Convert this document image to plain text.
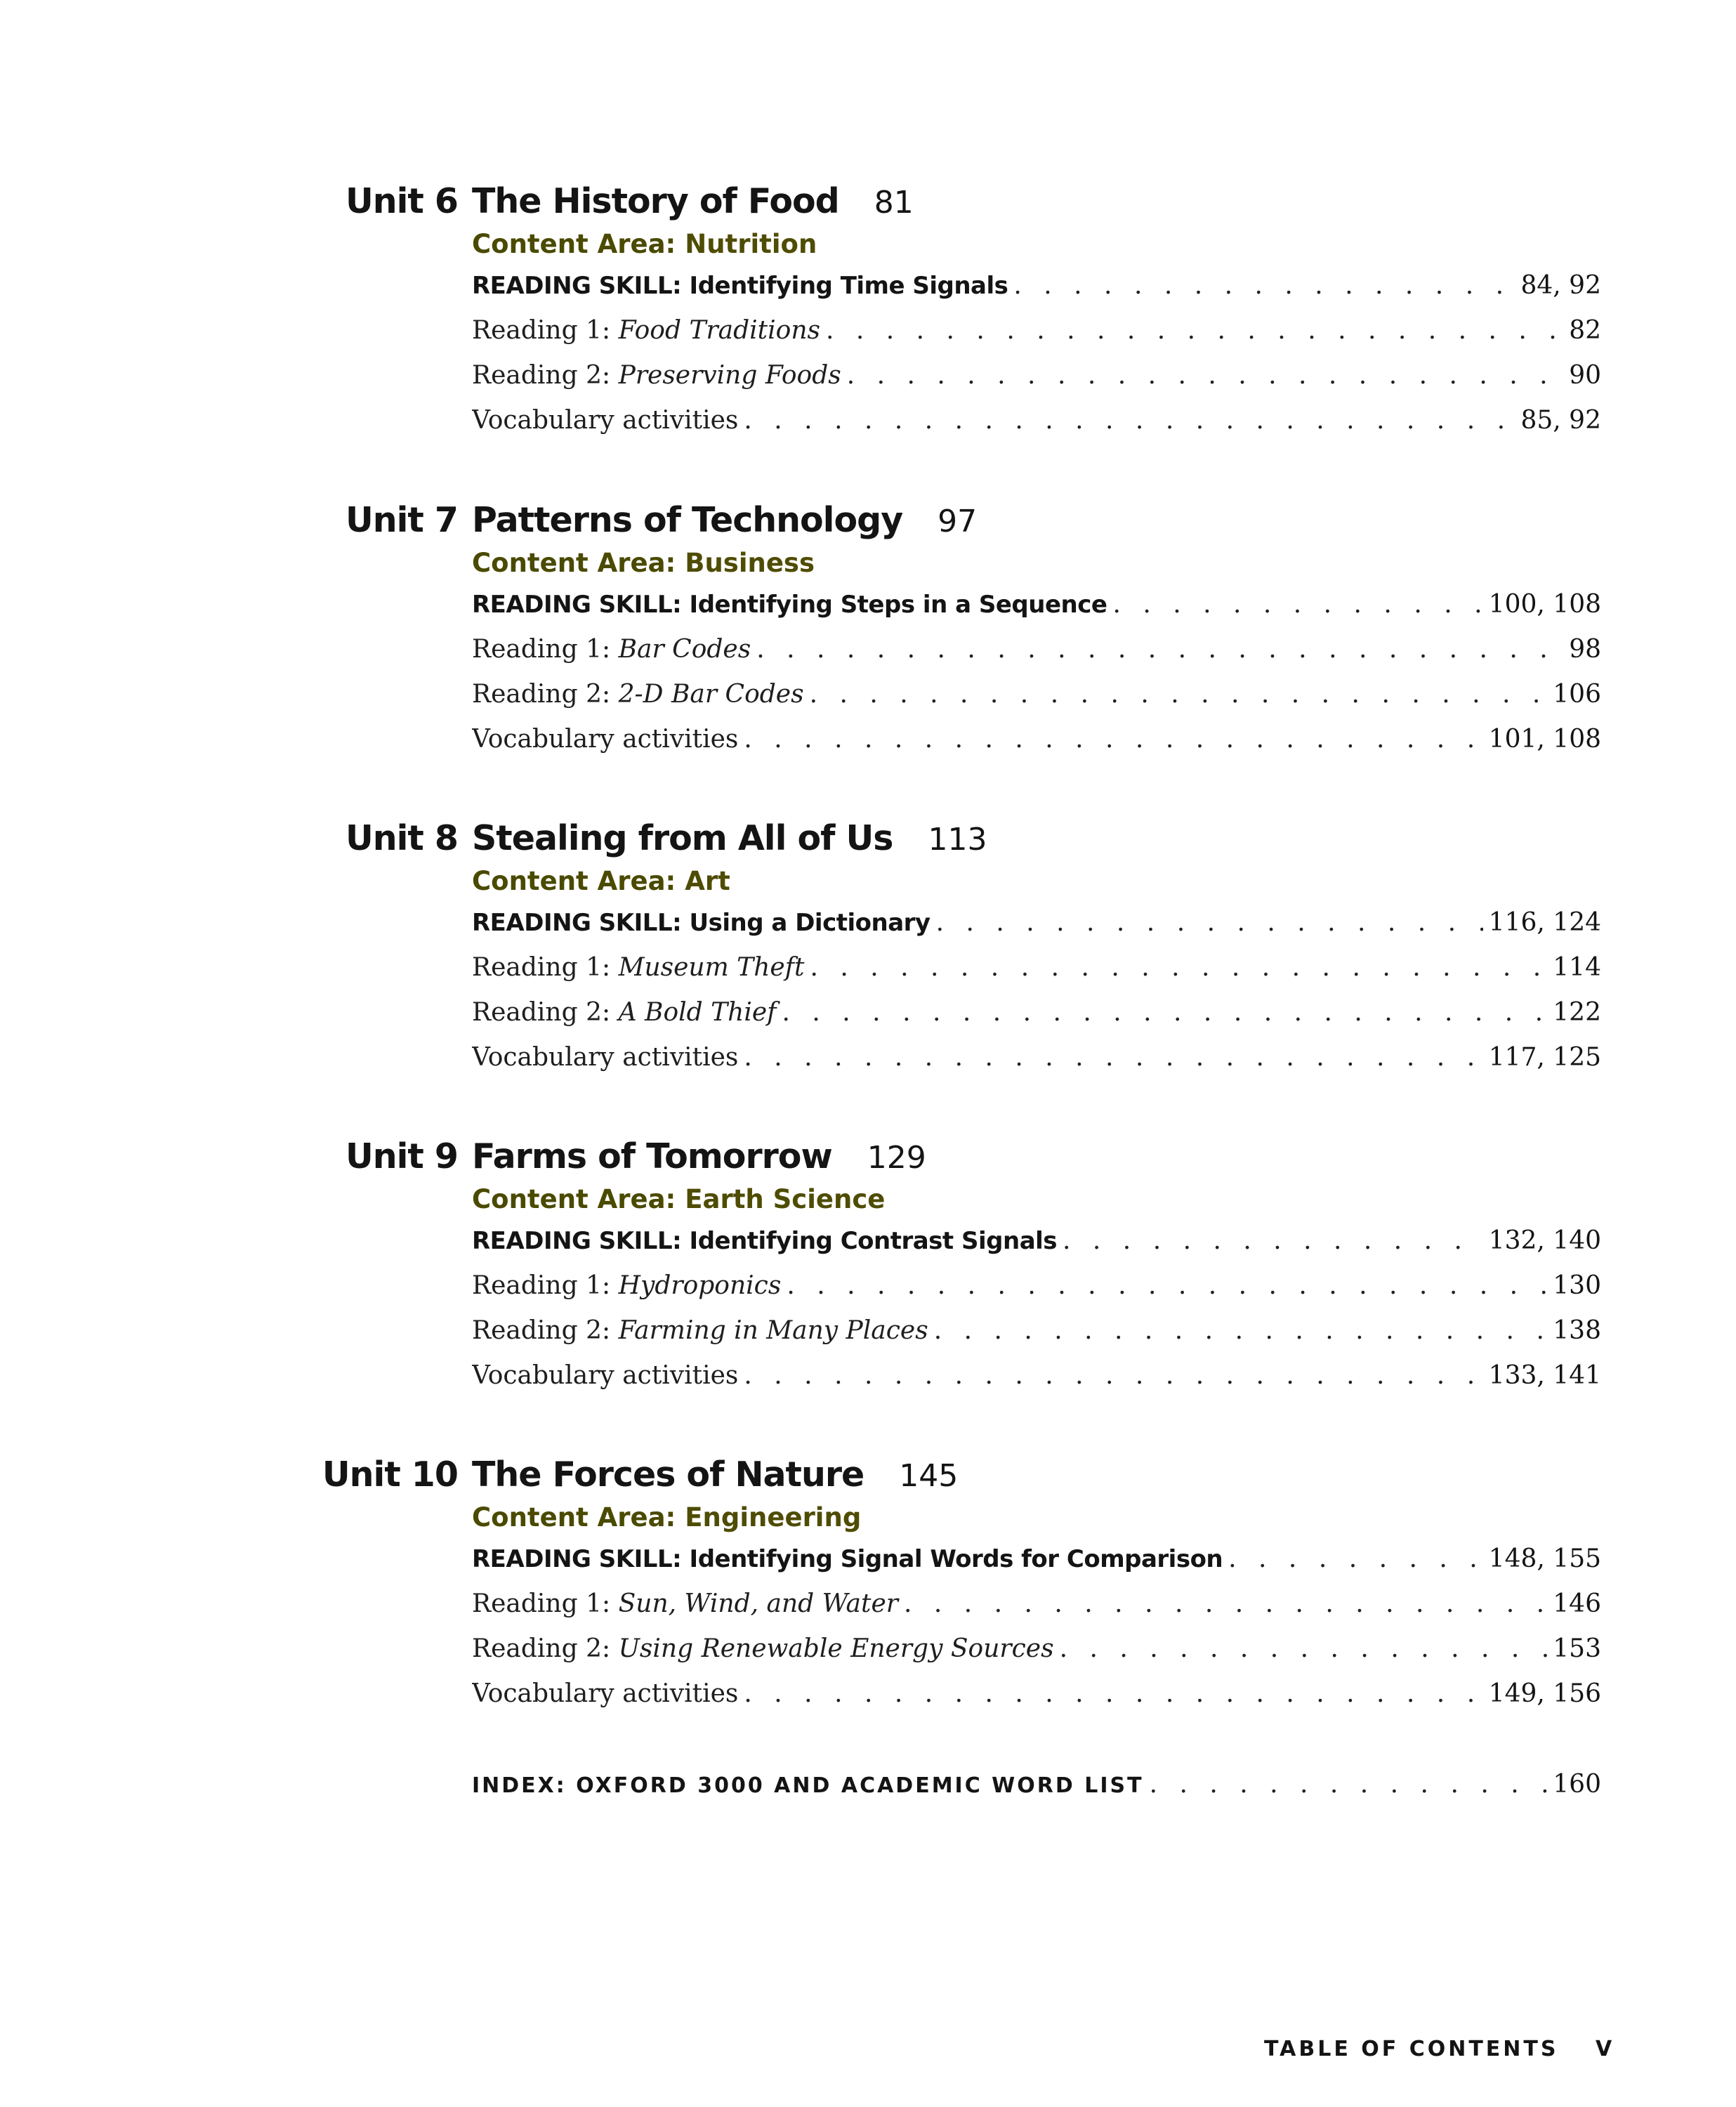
Unit 6 The History of Food 81
Content Area: Nutrition
READING SKILL: Identifying Time Signals . . .	84, 92
Reading 1: Food Traditions . . .	82
Reading 2: Preserving Foods . . .	90
Vocabulary activities . . .	85, 92
Unit 7 Patterns of Technology 97
Content Area: Business
READING SKILL: Identifying Steps in a Sequence . . .	100, 108
Reading 1: Bar Codes . . .	98
Reading 2: 2-D Bar Codes . . .	106
Vocabulary activities . . .	101, 108
Unit 8 Stealing from All of Us 113
Content Area: Art
READING SKILL: Using a Dictionary . . .	116, 124
Reading 1: Museum Theft . . .	114
Reading 2: A Bold Thief . . .	122
Vocabulary activities . . .	117, 125
Unit 9 Farms of Tomorrow 129
Content Area: Earth Science
READING SKILL: Identifying Contrast Signals . . .	132, 140
Reading 1: Hydroponics . . .	130
Reading 2: Farming in Many Places . . .	138
Vocabulary activities . . .	133, 141
Unit 10 The Forces of Nature 145
Content Area: Engineering
READING SKILL: Identifying Signal Words for Comparison . . .	148, 155
Reading 1: Sun, Wind, and Water . . .	146
Reading 2: Using Renewable Energy Sources . . .	153
Vocabulary activities . . .	149, 156
INDEX: OXFORD 3000 AND ACADEMIC WORD LIST . . .	160
TABLE OF CONTENTS V
